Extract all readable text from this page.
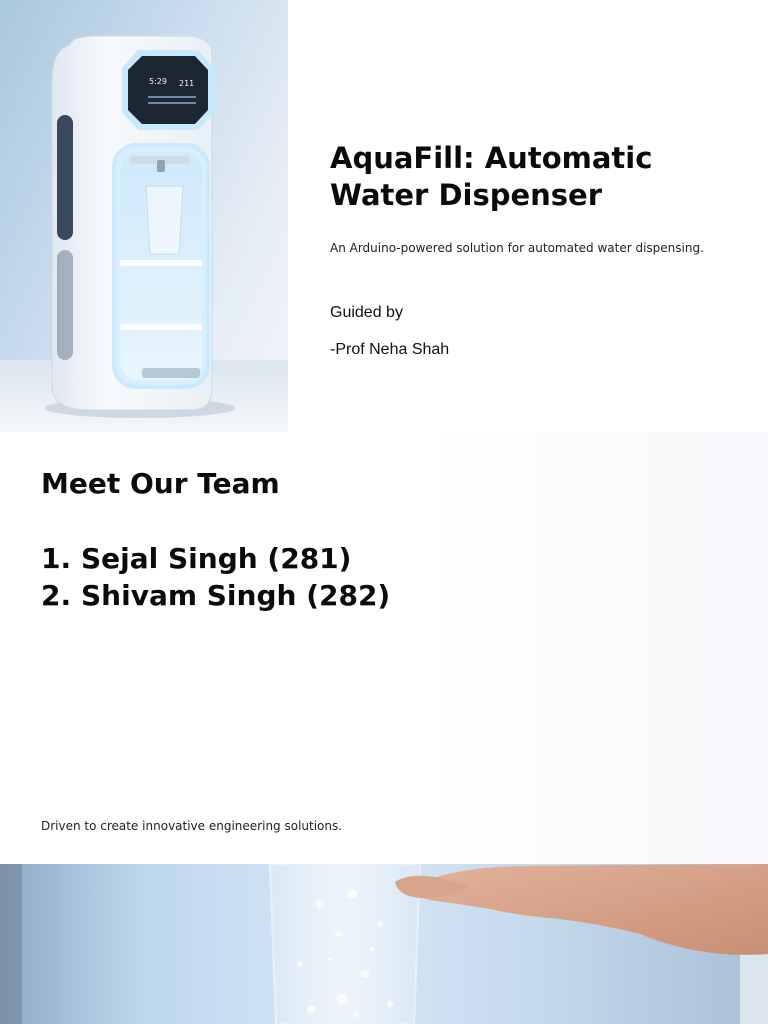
5:29 211
AquaFill: Automatic Water Dispenser

An Arduino-powered solution for automated water dispensing.

Guided by

-Prof Neha Shah

Meet Our Team
1. Sejal Singh (281)
2. Shivam Singh (282)

Driven to create innovative engineering solutions.
